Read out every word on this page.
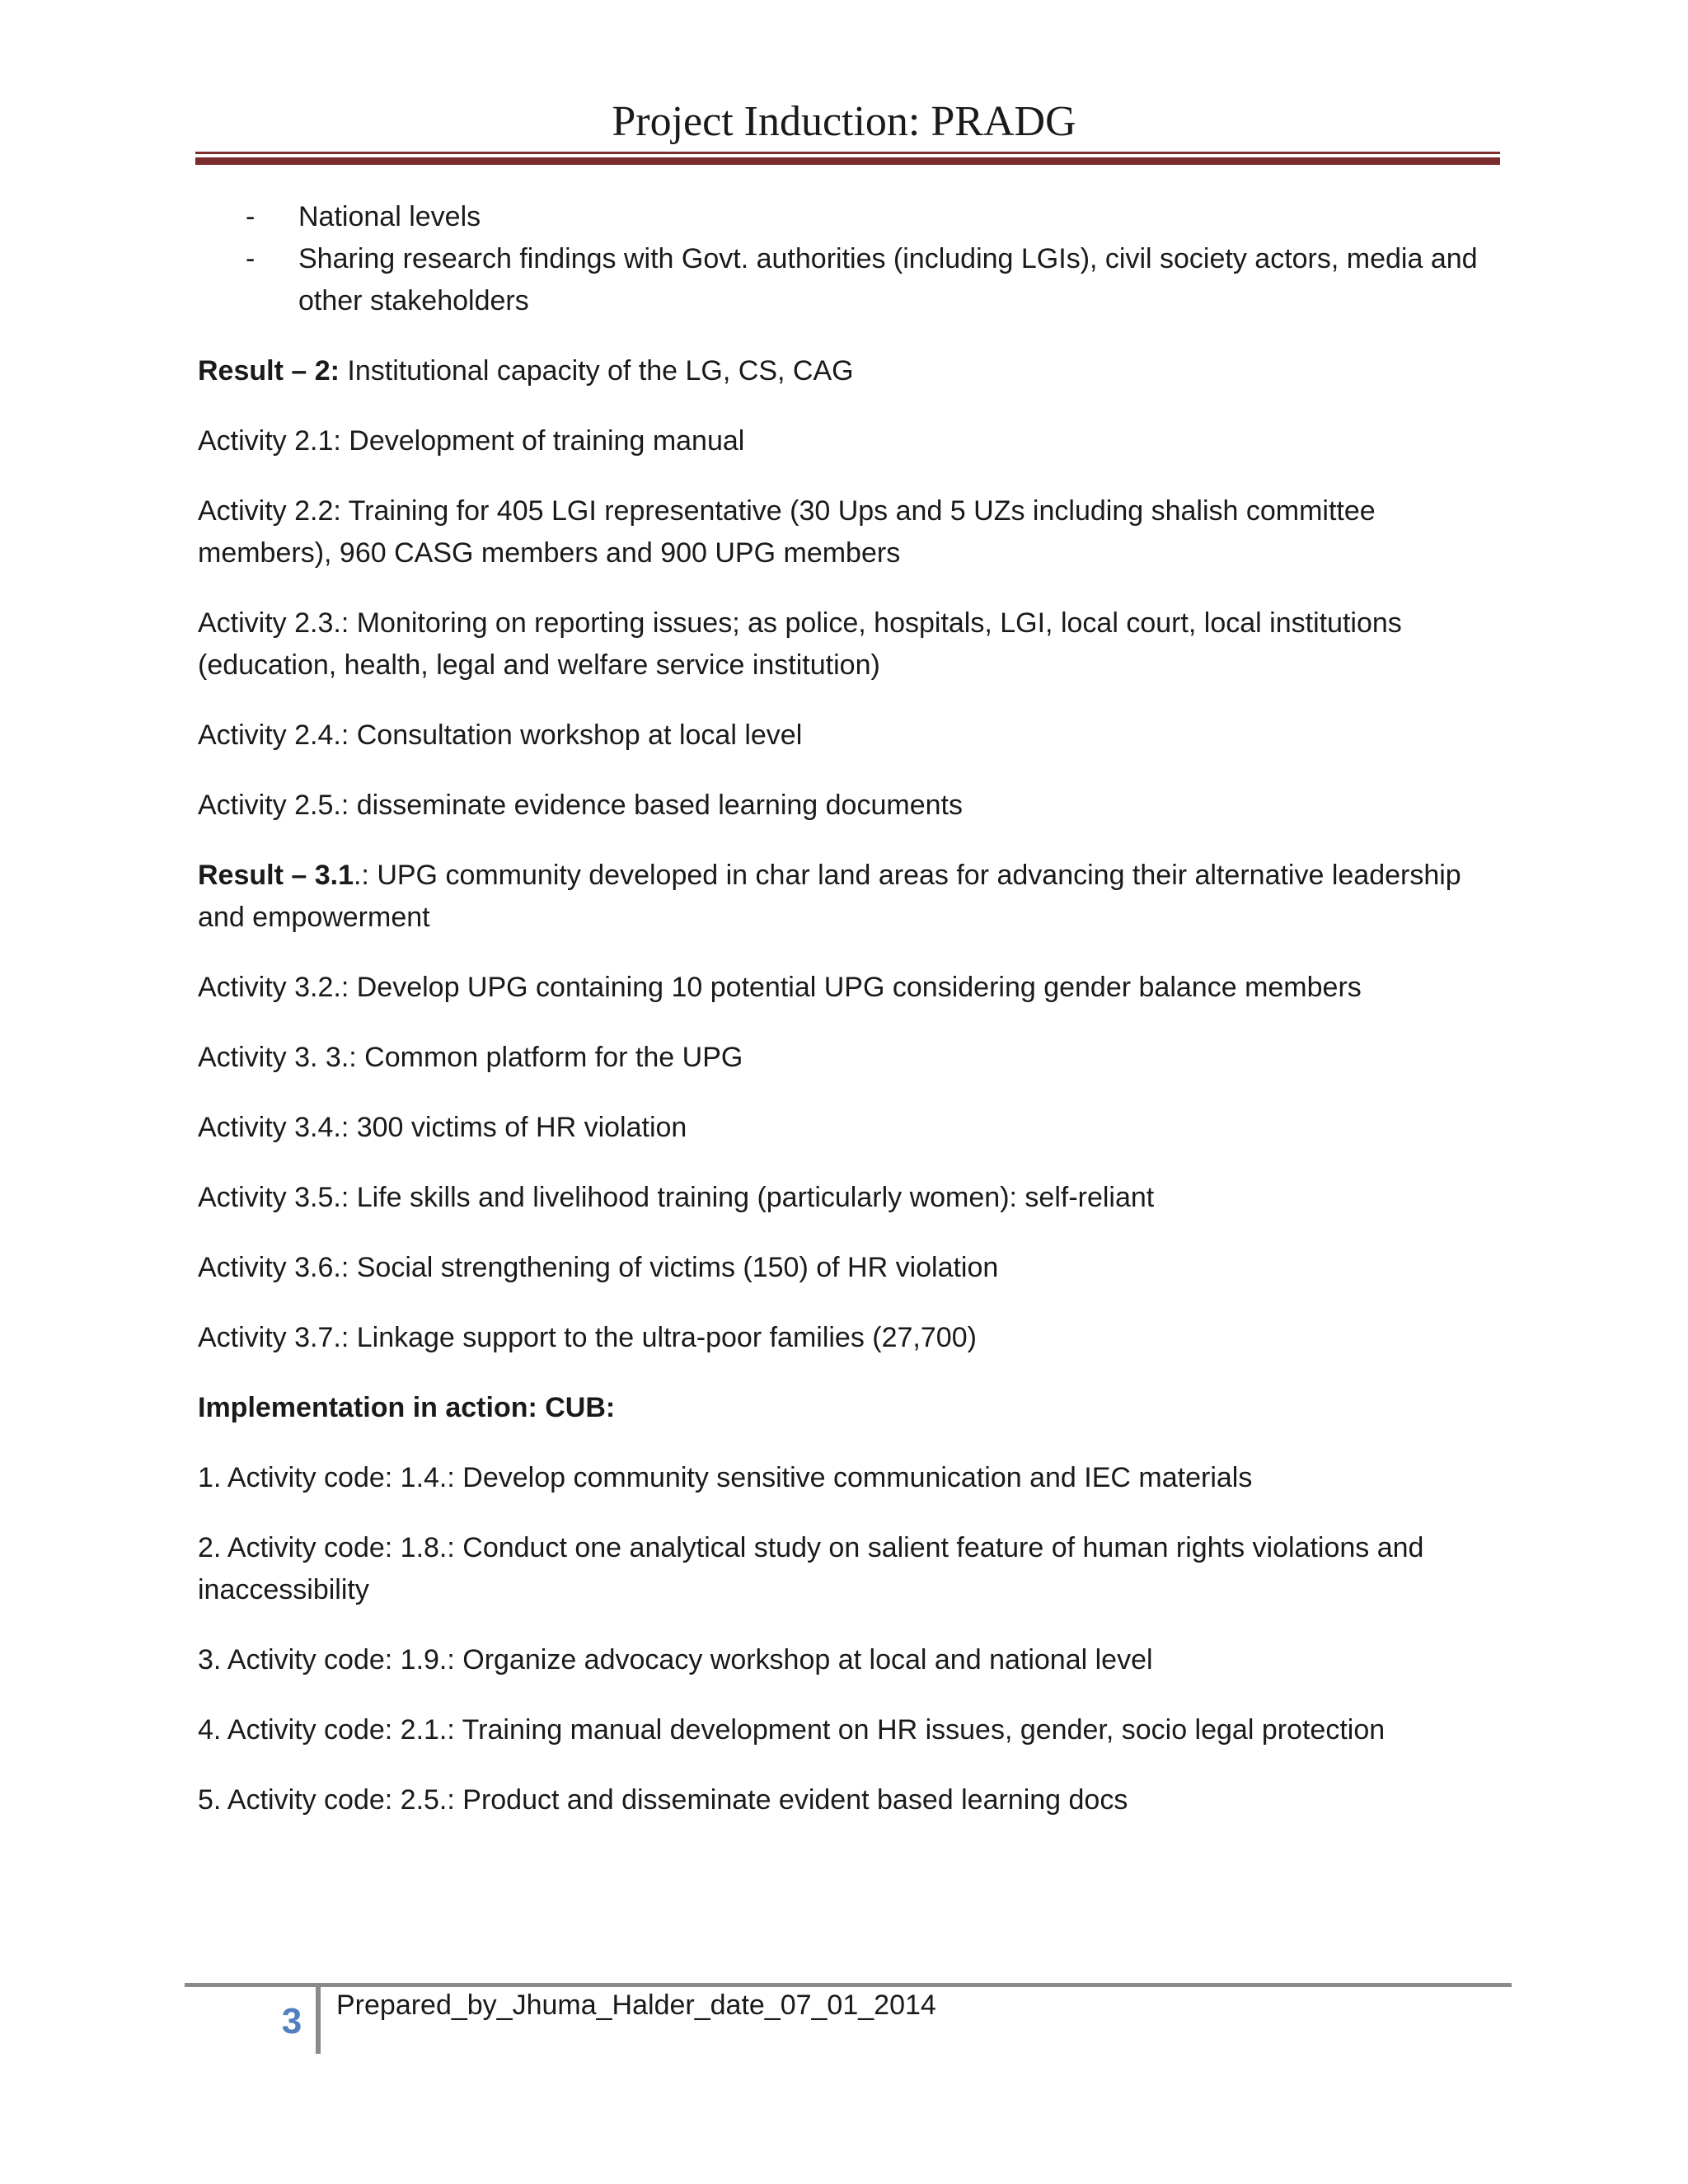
Project Induction: PRADG
- National levels
- Sharing research findings with Govt. authorities (including LGIs), civil society actors, media and other stakeholders

Result – 2: Institutional capacity of the LG, CS, CAG

Activity 2.1: Development of training manual

Activity 2.2: Training for 405 LGI representative (30 Ups and 5 UZs including shalish committee members), 960 CASG members and 900 UPG members

Activity 2.3.: Monitoring on reporting issues; as police, hospitals, LGI, local court, local institutions (education, health, legal and welfare service institution)

Activity 2.4.: Consultation workshop at local level

Activity 2.5.: disseminate evidence based learning documents

Result – 3.1.: UPG community developed in char land areas for advancing their alternative leadership and empowerment

Activity 3.2.: Develop UPG containing 10 potential UPG considering gender balance members

Activity 3. 3.: Common platform for the UPG

Activity 3.4.: 300 victims of HR violation

Activity 3.5.: Life skills and livelihood training (particularly women): self-reliant

Activity 3.6.: Social strengthening of victims (150) of HR violation

Activity 3.7.: Linkage support to the ultra-poor families (27,700)

Implementation in action: CUB:

1. Activity code: 1.4.: Develop community sensitive communication and IEC materials

2. Activity code: 1.8.: Conduct one analytical study on salient feature of human rights violations and inaccessibility

3. Activity code: 1.9.: Organize advocacy workshop at local and national level

4. Activity code: 2.1.: Training manual development on HR issues, gender, socio legal protection

5. Activity code: 2.5.: Product and disseminate evident based learning docs

3	Prepared_by_Jhuma_Halder_date_07_01_2014
